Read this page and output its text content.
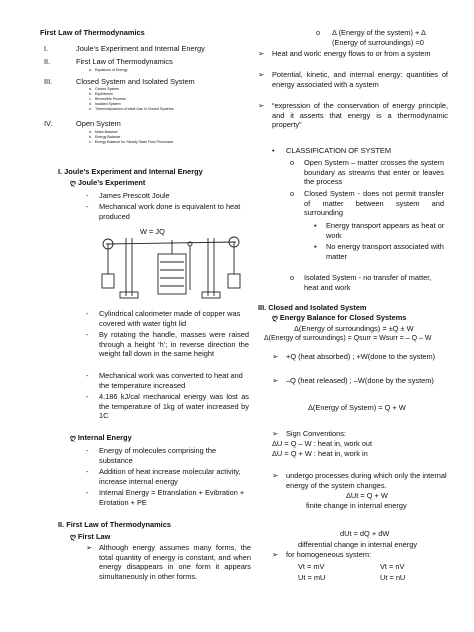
First Law of Thermodynamics
I.	Joule’s Experiment and Internal Energy
II.	First Law of Thermodynamics
a.   Equations of Energy
III.	Closed System and Isolated System
a.   Closed System
b.   Equilibrium
c.   Reversible Process
d.   Isolated System
e.   Thermodynamics of Ideal Gas in Closed Systems
IV.	Open System
a.   Mass Balance
b.   Energy Balance
c.   Energy Balance for Steady State Flow Processes
I. Joule’s Experiment and Internal Energy
ღ Joule’s Experiment
- James Prescott Joule
- Mechanical work done is equivalent to heat produced
W = JQ
- Cylindrical calorimeter made of copper was covered with water tight lid
- By rotating the handle, masses were raised through a height ‘h’; in reverse direction the weight fall down in the same height
- Mechanical work was converted to heat and the temperature increased
- 4.186 kJ/cal mechanical energy was lost as the temperature of 1kg of water increased by 1C
ღ Internal Energy
- Energy of molecules comprising the substance
- Addition of heat increase molecular activity, increase internal energy
- Internal Energy = Etranslation + Evibration + Erotation + PE
II. First Law of Thermodynamics
ღ First Law
➢ Although energy assumes many forms, the total quantity of energy is constant, and when energy disappears in one form it appears simultaneously in other forms.
o Δ (Energy of the system) + Δ
(Energy of surroundings) =0
➢ Heat and work: energy flows to or from a system
➢ Potential, kinetic, and internal energy: quantities of energy associated with a system
➢ “expression of the conservation of energy principle, and it asserts that energy is a thermodynamic property”
• CLASSIFICATION OF SYSTEM
o Open System – matter crosses the system boundary as streams that enter or leaves the process
o Closed System - does not permit transfer of matter between system and surrounding
▪ Energy transport appears as heat or work
▪ No energy transport associated with matter
o Isolated System - no transfer of matter, heat and work
III. Closed and Isolated System
ღ Energy Balance for Closed Systems
Δ(Energy of surroundings) = ±Q ± W
Δ(Energy of surroundings) = Qsurr = Wsurr = – Q – W
➢ +Q (heat absorbed) ; +W(done to the system)
➢ –Q (heat released) ; –W(done by the system)
Δ(Energy of System) = Q + W
➢ Sign Conventions:
ΔU = Q – W : heat in, work out
ΔU = Q + W : heat in, work in
➢ undergo processes during which only the internal energy of the system changes.
ΔUt = Q + W
finite change in internal energy
dUt = dQ + dW
differential change in internal energy
➢ for homogeneous system:
Vt = mV	Vt = nV
Ut = mU	Ut = nU
